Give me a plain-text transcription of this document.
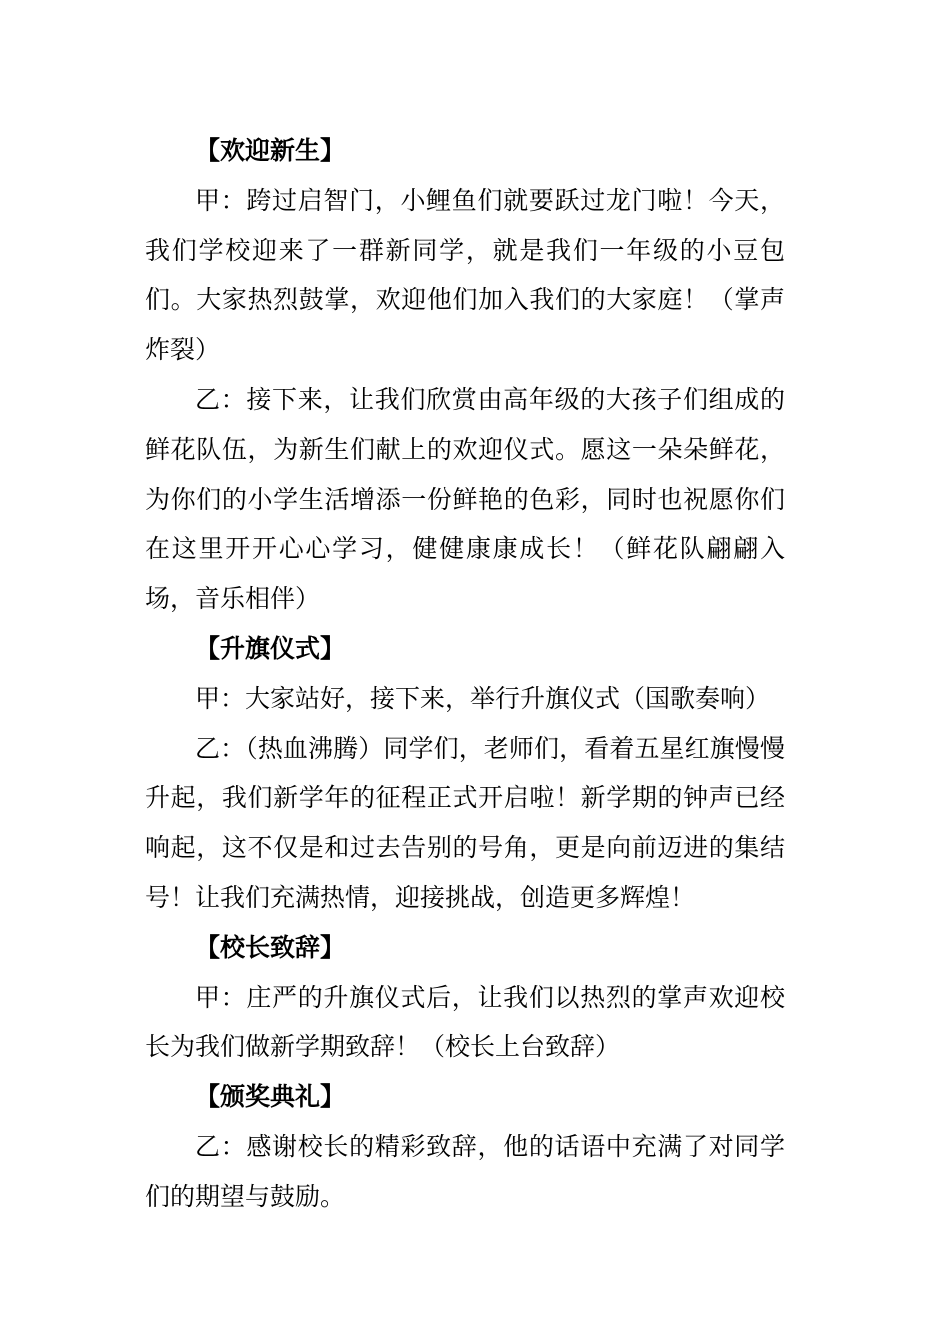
【欢迎新生】

甲：跨过启智门，小鲤鱼们就要跃过龙门啦！今天，我们学校迎来了一群新同学，就是我们一年级的小豆包们。大家热烈鼓掌，欢迎他们加入我们的大家庭！（掌声炸裂）

乙：接下来，让我们欣赏由高年级的大孩子们组成的鲜花队伍，为新生们献上的欢迎仪式。愿这一朵朵鲜花，为你们的小学生活增添一份鲜艳的色彩，同时也祝愿你们在这里开开心心学习，健健康康成长！（鲜花队翩翩入场，音乐相伴）

【升旗仪式】

甲：大家站好，接下来，举行升旗仪式（国歌奏响）

乙：（热血沸腾）同学们，老师们，看着五星红旗慢慢升起，我们新学年的征程正式开启啦！新学期的钟声已经响起，这不仅是和过去告别的号角，更是向前迈进的集结号！让我们充满热情，迎接挑战，创造更多辉煌！

【校长致辞】

甲：庄严的升旗仪式后，让我们以热烈的掌声欢迎校长为我们做新学期致辞！（校长上台致辞）

【颁奖典礼】

乙：感谢校长的精彩致辞，他的话语中充满了对同学们的期望与鼓励。
